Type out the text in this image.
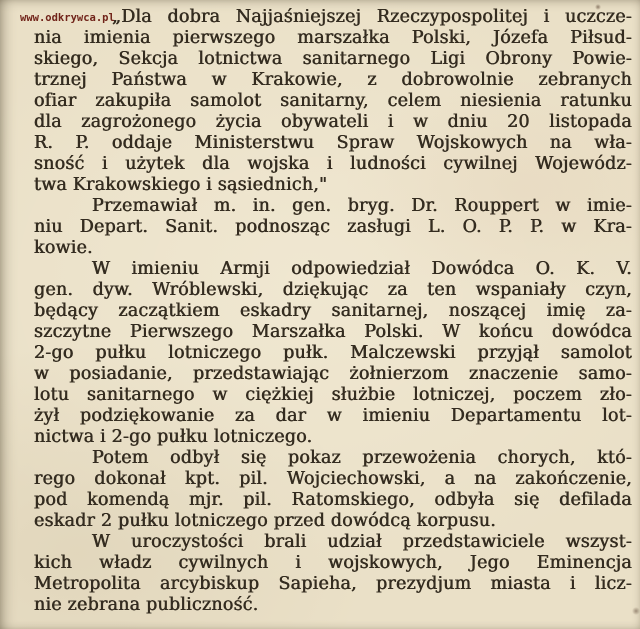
www.odkrywca.pl
„Dla dobra Najjaśniejszej Rzeczypospolitej i uczcze-
nia imienia pierwszego marszałka Polski, Józefa Piłsud-
skiego, Sekcja lotnictwa sanitarnego Ligi Obrony Powie-
trznej Państwa w Krakowie, z dobrowolnie zebranych
ofiar zakupiła samolot sanitarny, celem niesienia ratunku
dla zagrożonego życia obywateli i w dniu 20 listopada
R. P. oddaje Ministerstwu Spraw Wojskowych na wła-
sność i użytek dla wojska i ludności cywilnej Wojewódz-
twa Krakowskiego i sąsiednich,"
Przemawiał m. in. gen. bryg. Dr. Rouppert w imie-
niu Depart. Sanit. podnosząc zasługi L. O. P. P. w Kra-
kowie.
W imieniu Armji odpowiedział Dowódca O. K. V.
gen. dyw. Wróblewski, dziękując za ten wspaniały czyn,
będący zaczątkiem eskadry sanitarnej, noszącej imię za-
szczytne Pierwszego Marszałka Polski. W końcu dowódca
2-go pułku lotniczego pułk. Malczewski przyjął samolot
w posiadanie, przedstawiając żołnierzom znaczenie samo-
lotu sanitarnego w ciężkiej służbie lotniczej, poczem zło-
żył podziękowanie za dar w imieniu Departamentu lot-
nictwa i 2-go pułku lotniczego.
Potem odbył się pokaz przewożenia chorych, któ-
rego dokonał kpt. pil. Wojciechowski, a na zakończenie,
pod komendą mjr. pil. Ratomskiego, odbyła się defilada
eskadr 2 pułku lotniczego przed dowódcą korpusu.
W uroczystości brali udział przedstawiciele wszyst-
kich władz cywilnych i wojskowych, Jego Eminencja
Metropolita arcybiskup Sapieha, prezydjum miasta i licz-
nie zebrana publiczność.
